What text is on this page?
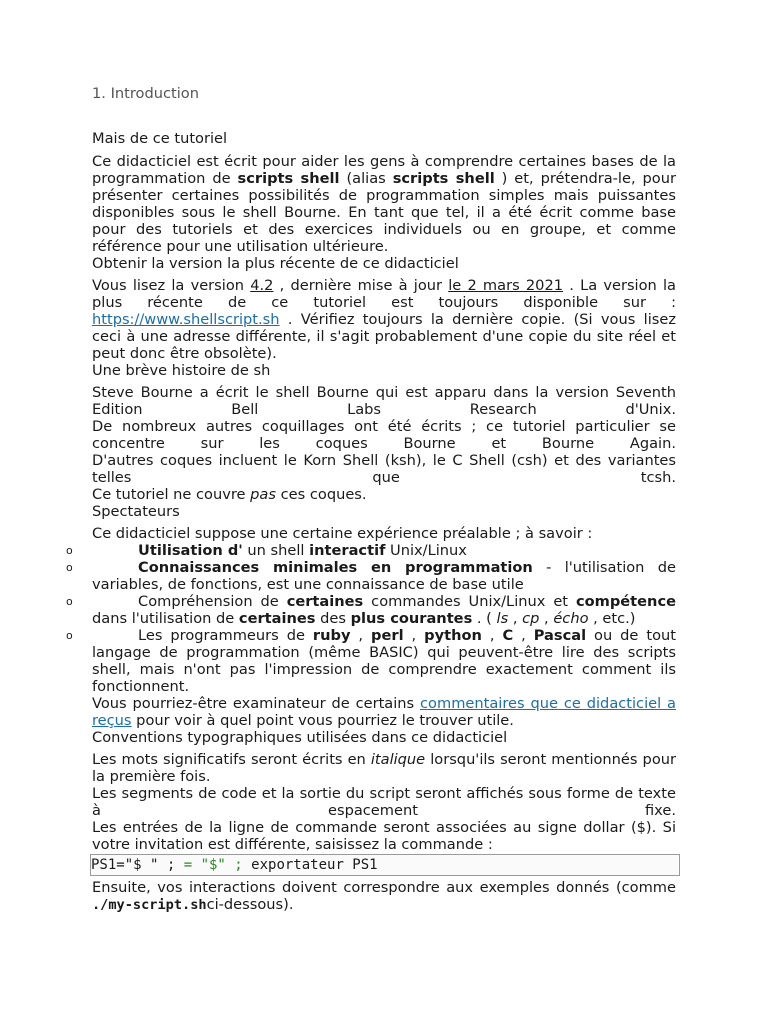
1. Introduction

Mais de ce tutoriel

Ce didacticiel est écrit pour aider les gens à comprendre certaines bases de la programmation de scripts shell (alias scripts shell ) et, prétendra-le, pour présenter certaines possibilités de programmation simples mais puissantes disponibles sous le shell Bourne. En tant que tel, il a été écrit comme base pour des tutoriels et des exercices individuels ou en groupe, et comme référence pour une utilisation ultérieure.

Obtenir la version la plus récente de ce didacticiel

Vous lisez la version 4.2 , dernière mise à jour le 2 mars 2021 . La version la plus récente de ce tutoriel est toujours disponible sur : https://www.shellscript.sh . Vérifiez toujours la dernière copie. (Si vous lisez ceci à une adresse différente, il s'agit probablement d'une copie du site réel et peut donc être obsolète).

Une brève histoire de sh

Steve Bourne a écrit le shell Bourne qui est apparu dans la version Seventh Edition Bell Labs Research d'Unix.

De nombreux autres coquillages ont été écrits ; ce tutoriel particulier se concentre sur les coques Bourne et Bourne Again.

D'autres coques incluent le Korn Shell (ksh), le C Shell (csh) et des variantes telles que tcsh.

Ce tutoriel ne couvre pas ces coques.

Spectateurs

Ce didacticiel suppose une certaine expérience préalable ; à savoir :

o	Utilisation d' un shell interactif Unix/Linux

o	Connaissances minimales en programmation - l'utilisation de variables, de fonctions, est une connaissance de base utile

o	Compréhension de certaines commandes Unix/Linux et compétence dans l'utilisation de certaines des plus courantes . ( ls , cp , écho , etc.)

o	Les programmeurs de ruby , perl , python , C , Pascal ou de tout langage de programmation (même BASIC) qui peuvent-être lire des scripts shell, mais n'ont pas l'impression de comprendre exactement comment ils fonctionnent.

Vous pourriez-être examinateur de certains commentaires que ce didacticiel a reçus pour voir à quel point vous pourriez le trouver utile.

Conventions typographiques utilisées dans ce didacticiel

Les mots significatifs seront écrits en italique lorsqu'ils seront mentionnés pour la première fois.

Les segments de code et la sortie du script seront affichés sous forme de texte à espacement fixe.

Les entrées de la ligne de commande seront associées au signe dollar ($). Si votre invitation est différente, saisissez la commande :

PS1="$ " ; = "$" ; exportateur PS1

Ensuite, vos interactions doivent correspondre aux exemples donnés (comme ./my-script.shci-dessous).
